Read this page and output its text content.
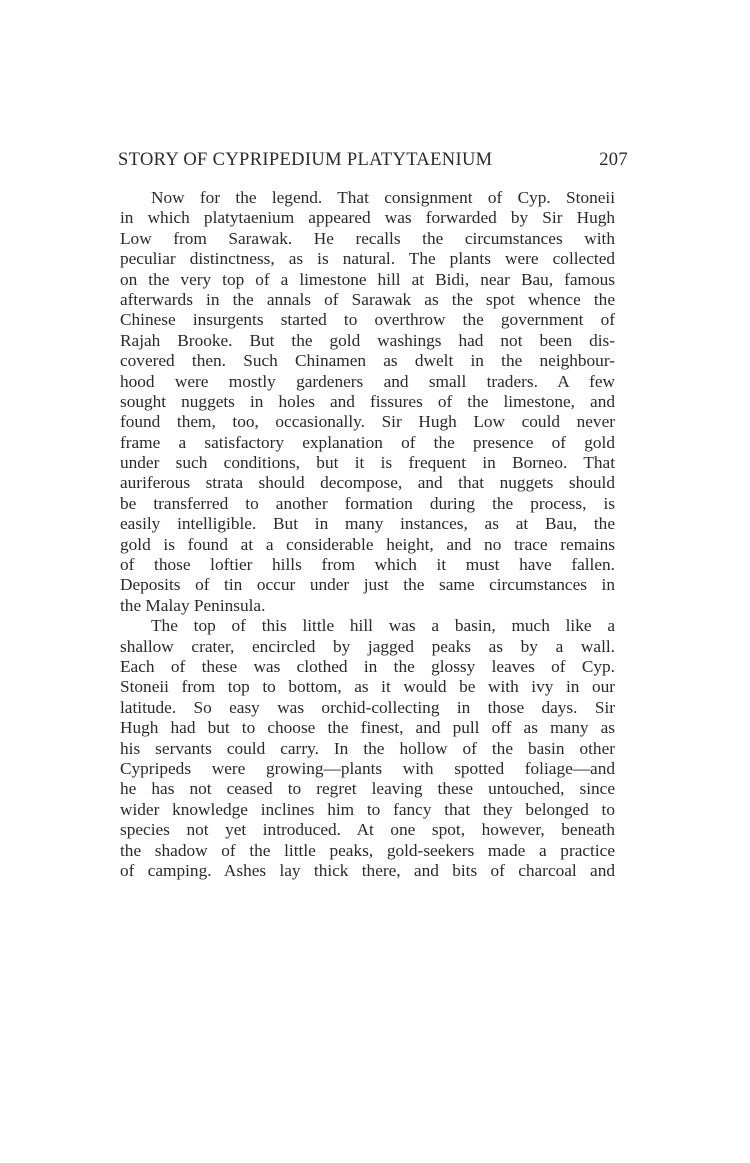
STORY OF CYPRIPEDIUM PLATYTAENIUM	207
Now for the legend. That consignment of Cyp. Stoneii
in which platytaenium appeared was forwarded by Sir Hugh
Low from Sarawak. He recalls the circumstances with
peculiar distinctness, as is natural. The plants were collected
on the very top of a limestone hill at Bidi, near Bau, famous
afterwards in the annals of Sarawak as the spot whence the
Chinese insurgents started to overthrow the government of
Rajah Brooke. But the gold washings had not been dis-
covered then. Such Chinamen as dwelt in the neighbour-
hood were mostly gardeners and small traders. A few
sought nuggets in holes and fissures of the limestone, and
found them, too, occasionally. Sir Hugh Low could never
frame a satisfactory explanation of the presence of gold
under such conditions, but it is frequent in Borneo. That
auriferous strata should decompose, and that nuggets should
be transferred to another formation during the process, is
easily intelligible. But in many instances, as at Bau, the
gold is found at a considerable height, and no trace remains
of those loftier hills from which it must have fallen.
Deposits of tin occur under just the same circumstances in
the Malay Peninsula.
The top of this little hill was a basin, much like a
shallow crater, encircled by jagged peaks as by a wall.
Each of these was clothed in the glossy leaves of Cyp.
Stoneii from top to bottom, as it would be with ivy in our
latitude. So easy was orchid-collecting in those days. Sir
Hugh had but to choose the finest, and pull off as many as
his servants could carry. In the hollow of the basin other
Cypripeds were growing—plants with spotted foliage—and
he has not ceased to regret leaving these untouched, since
wider knowledge inclines him to fancy that they belonged to
species not yet introduced. At one spot, however, beneath
the shadow of the little peaks, gold-seekers made a practice
of camping. Ashes lay thick there, and bits of charcoal and
